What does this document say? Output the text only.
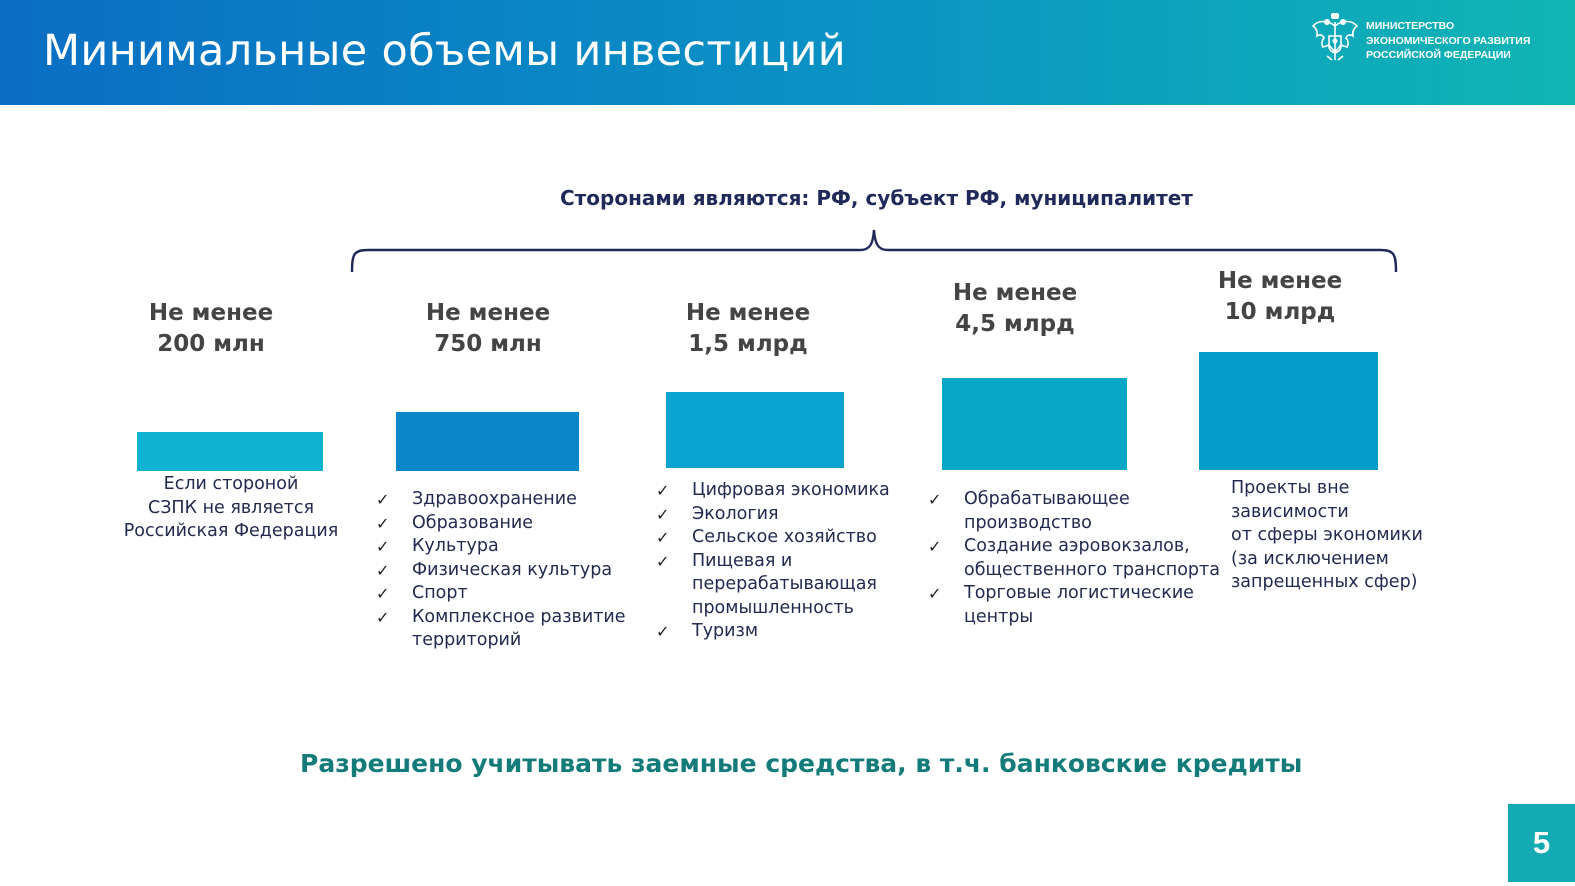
Минимальные объемы инвестиций	МИНИСТЕРСТВО
ЭКОНОМИЧЕСКОГО РАЗВИТИЯ
РОССИЙСКОЙ ФЕДЕРАЦИИ
Сторонами являются: РФ, субъект РФ, муниципалитет
Не менее
200 млн
Если стороной
СЗПК не является
Российская Федерация
Не менее
750 млн
✓ Здравоохранение
✓ Образование
✓ Культура
✓ Физическая культура
✓ Спорт
✓ Комплексное развитие
территорий
Не менее
1,5 млрд
✓ Цифровая экономика
✓ Экология
✓ Сельское хозяйство
✓ Пищевая и
перерабатывающая
промышленность
✓ Туризм
Не менее
4,5 млрд
✓ Обрабатывающее
производство
✓ Создание аэровокзалов,
общественного транспорта
✓ Торговые логистические
центры
Не менее
10 млрд
Проекты вне
зависимости
от сферы экономики
(за исключением
запрещенных сфер)
Разрешено учитывать заемные средства, в т.ч. банковские кредиты
5
